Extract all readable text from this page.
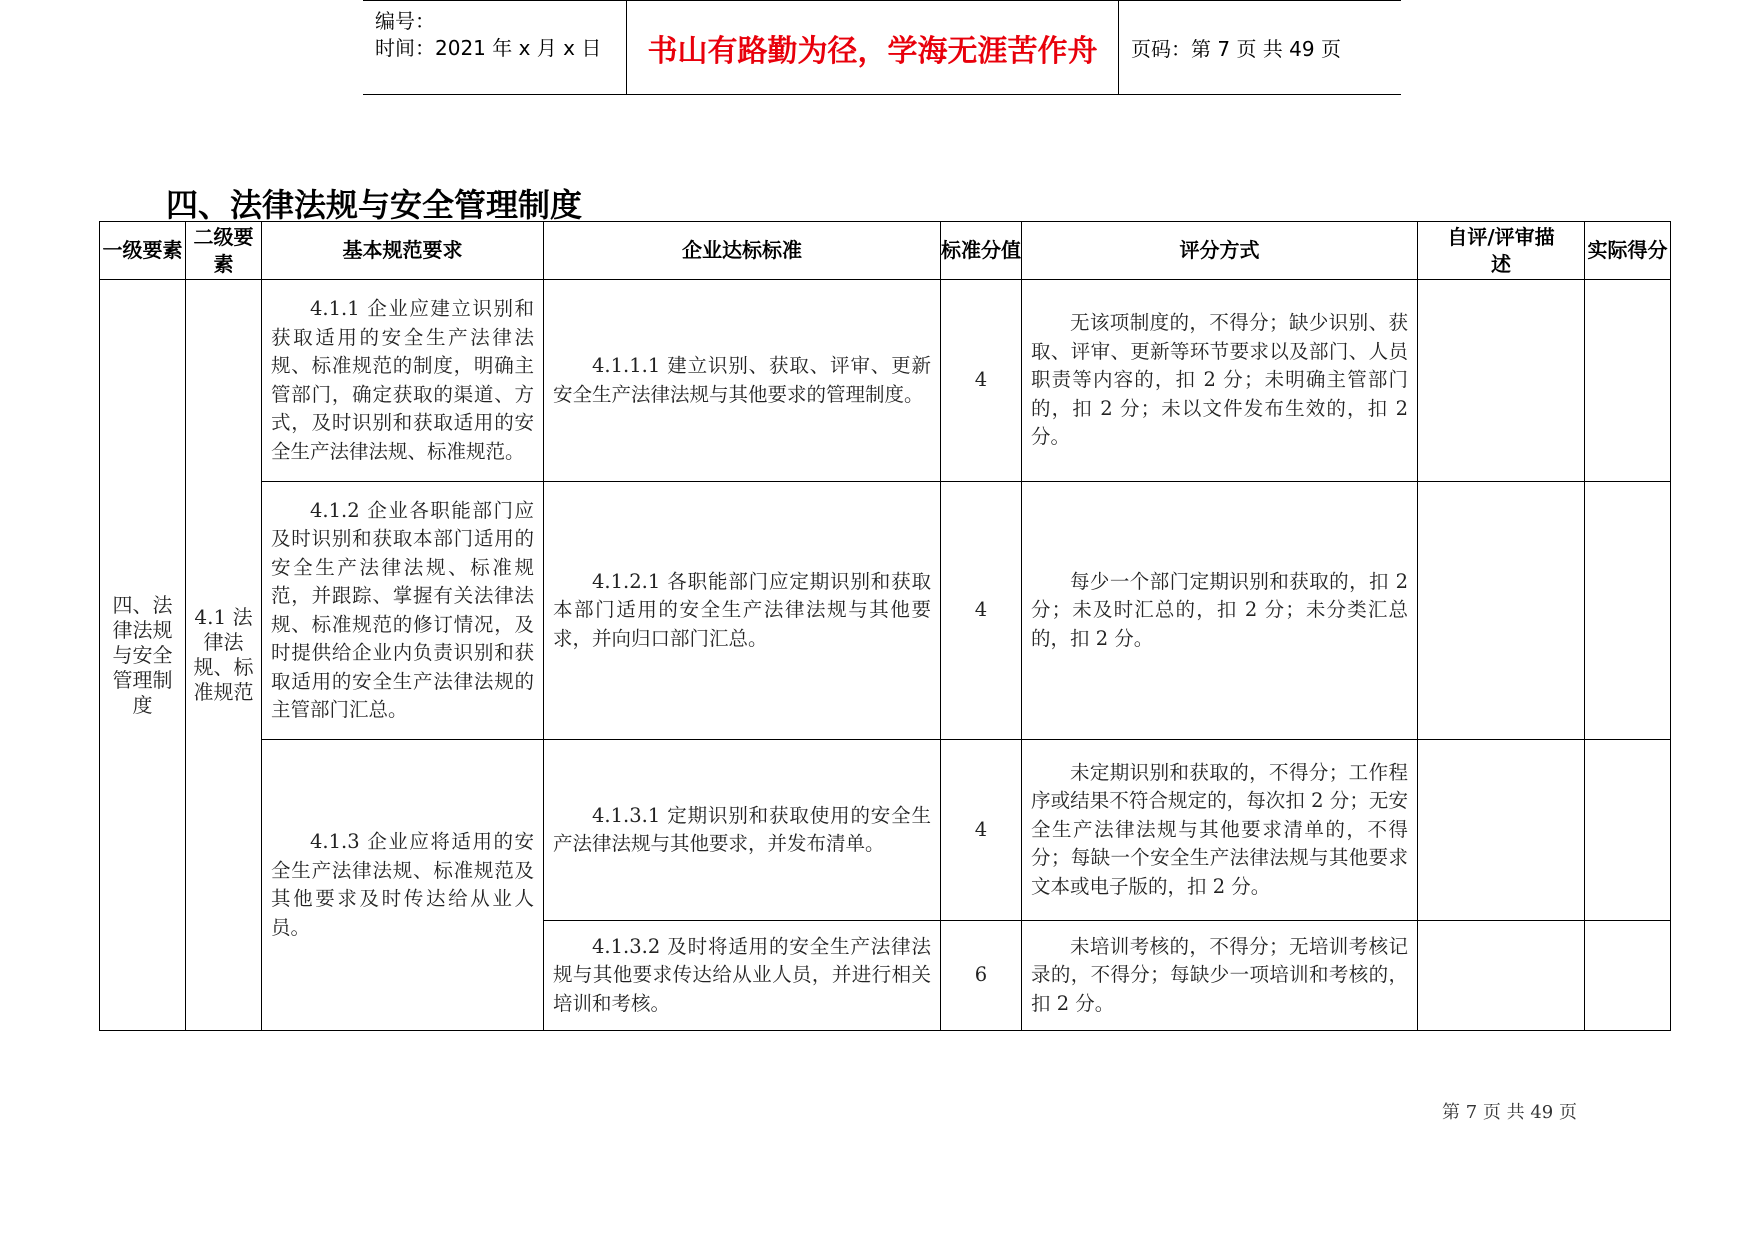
编号：
时间：2021 年 x 月 x 日	书山有路勤为径，学海无涯苦作舟	页码：第 7 页 共 49 页
四、法律法规与安全管理制度
一级要素	二级要素	基本规范要求	企业达标标准	标准分值	评分方式	自评/评审描　　述	实际得分
四、法律法规与安全管理制度	4.1 法律法规、标准规范	4.1.1 企业应建立识别和获取适用的安全生产法律法规、标准规范的制度，明确主管部门，确定获取的渠道、方式，及时识别和获取适用的安全生产法律法规、标准规范。	4.1.1.1 建立识别、获取、评审、更新安全生产法律法规与其他要求的管理制度。	4	无该项制度的，不得分；缺少识别、获取、评审、更新等环节要求以及部门、人员职责等内容的，扣 2 分；未明确主管部门的，扣 2 分；未以文件发布生效的，扣 2 分。		
		4.1.2 企业各职能部门应及时识别和获取本部门适用的安全生产法律法规、标准规范，并跟踪、掌握有关法律法规、标准规范的修订情况，及时提供给企业内负责识别和获取适用的安全生产法律法规的主管部门汇总。	4.1.2.1 各职能部门应定期识别和获取本部门适用的安全生产法律法规与其他要求，并向归口部门汇总。	4	每少一个部门定期识别和获取的，扣 2 分；未及时汇总的，扣 2 分；未分类汇总的，扣 2 分。		
		4.1.3 企业应将适用的安全生产法律法规、标准规范及其他要求及时传达给从业人员。	4.1.3.1 定期识别和获取使用的安全生产法律法规与其他要求，并发布清单。	4	未定期识别和获取的，不得分；工作程序或结果不符合规定的，每次扣 2 分；无安全生产法律法规与其他要求清单的，不得分；每缺一个安全生产法律法规与其他要求文本或电子版的，扣 2 分。		
			4.1.3.2 及时将适用的安全生产法律法规与其他要求传达给从业人员，并进行相关培训和考核。	6	未培训考核的，不得分；无培训考核记录的，不得分；每缺少一项培训和考核的，扣 2 分。		
第 7 页 共 49 页
